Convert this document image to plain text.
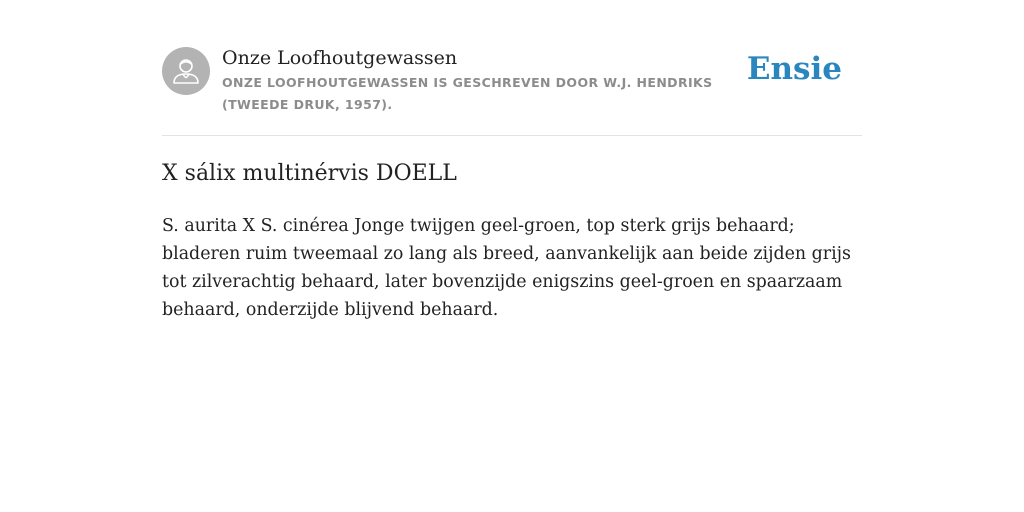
Onze Loofhoutgewassen
ONZE LOOFHOUTGEWASSEN IS GESCHREVEN DOOR W.J. HENDRIKS (TWEEDE DRUK, 1957).
Ensie
X sálix multinérvis DOELL

S. aurita X S. cinérea Jonge twijgen geel-groen, top sterk grijs behaard; bladeren ruim tweemaal zo lang als breed, aanvankelijk aan beide zijden grijs tot zilverachtig behaard, later bovenzijde enigszins geel-groen en spaarzaam behaard, onderzijde blijvend behaard.
